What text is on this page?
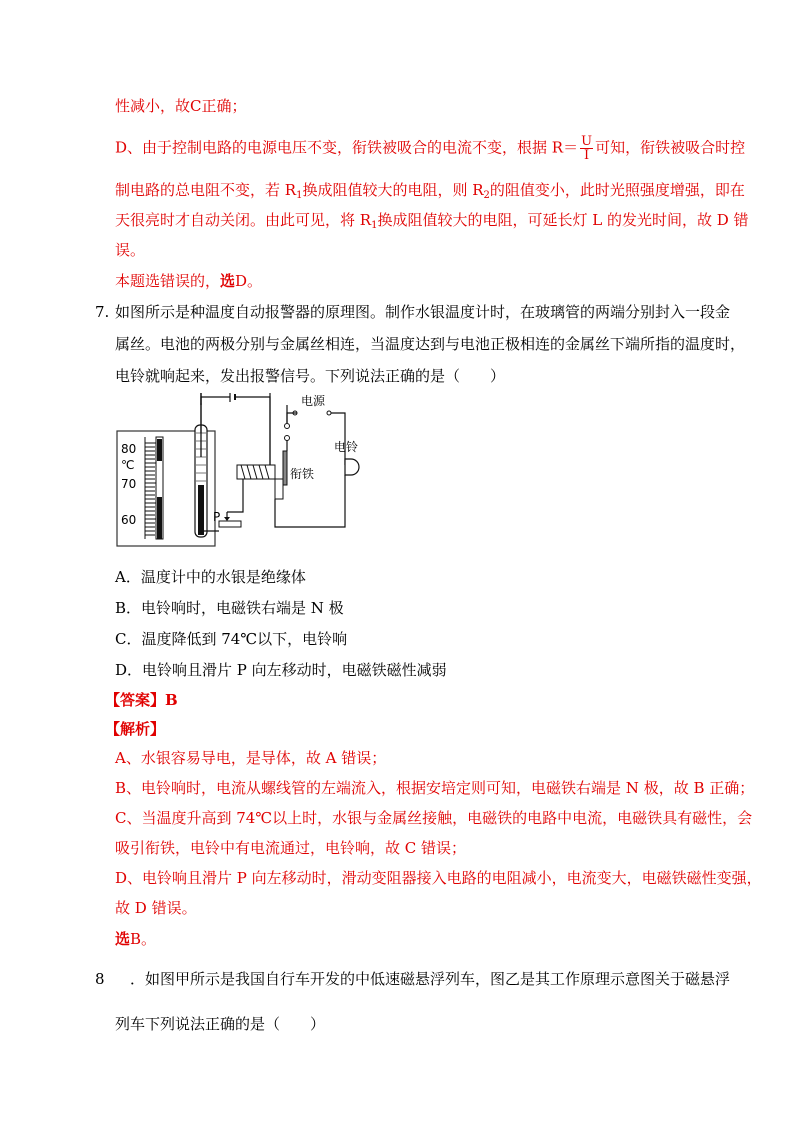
性减小，故C正确；
D、由于控制电路的电源电压不变，衔铁被吸合的电流不变，根据 $R= \frac{U}{I}$ 可知，衔铁被吸合时控
制电路的总电阻不变，若 $R_1$换成阻值较大的电阻，则 $R_2$的阻值变小，此时光照强度增强，即在
天很亮时才自动关闭。由此可见，将 $R_1$换成阻值较大的电阻，可延长灯 L 的发光时间，故 D 错
误。
本题选错误的，选D。
7. 如图所示是种温度自动报警器的原理图。制作水银温度计时，在玻璃管的两端分别封入一段金
属丝。电池的两极分别与金属丝相连，当温度达到与电池正极相连的金属丝下端所指的温度时，
电铃就响起来，发出报警信号。下列说法正确的是（　　）
80
℃
70
60	P
衔铁
电源
电铃
A．温度计中的水银是绝缘体
B．电铃响时，电磁铁右端是 N 极
C．温度降低到 74℃以下，电铃响
D．电铃响且滑片 P 向左移动时，电磁铁磁性减弱
【答案】B
【解析】
A、水银容易导电，是导体，故 A 错误；
B、电铃响时，电流从螺线管的左端流入，根据安培定则可知，电磁铁右端是 N 极，故 B 正确；
C、当温度升高到 74℃以上时，水银与金属丝接触，电磁铁的电路中电流，电磁铁具有磁性，会
吸引衔铁，电铃中有电流通过，电铃响，故 C 错误；
D、电铃响且滑片 P 向左移动时，滑动变阻器接入电路的电阻减小，电流变大，电磁铁磁性变强，
故 D 错误。
选B。
8 ．如图甲所示是我国自行车开发的中低速磁悬浮列车，图乙是其工作原理示意图关于磁悬浮
列车下列说法正确的是（　　）
